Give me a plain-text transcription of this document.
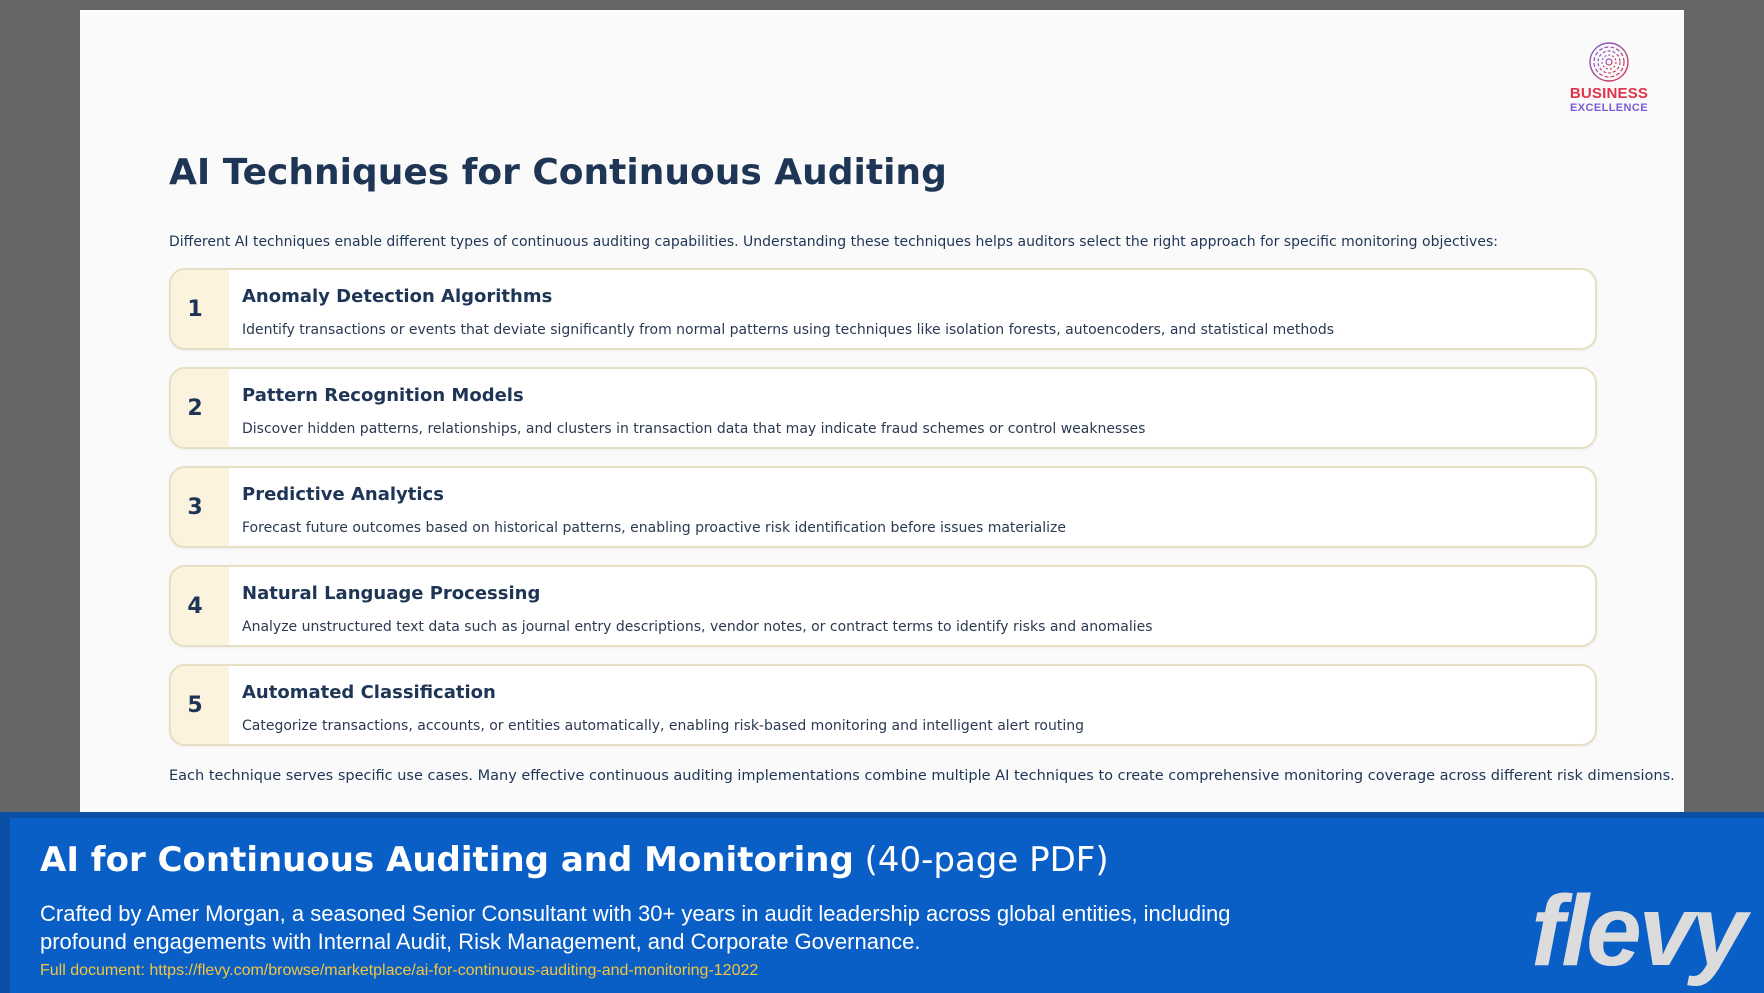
BUSINESS
EXCELLENCE
AI Techniques for Continuous Auditing
Different AI techniques enable different types of continuous auditing capabilities. Understanding these techniques helps auditors select the right approach for specific monitoring objectives:
1	Anomaly Detection Algorithms
Identify transactions or events that deviate significantly from normal patterns using techniques like isolation forests, autoencoders, and statistical methods
2	Pattern Recognition Models
Discover hidden patterns, relationships, and clusters in transaction data that may indicate fraud schemes or control weaknesses
3	Predictive Analytics
Forecast future outcomes based on historical patterns, enabling proactive risk identification before issues materialize
4	Natural Language Processing
Analyze unstructured text data such as journal entry descriptions, vendor notes, or contract terms to identify risks and anomalies
5	Automated Classification
Categorize transactions, accounts, or entities automatically, enabling risk-based monitoring and intelligent alert routing
Each technique serves specific use cases. Many effective continuous auditing implementations combine multiple AI techniques to create comprehensive monitoring coverage across different risk dimensions.
AI for Continuous Auditing and Monitoring (40-page PDF)
Crafted by Amer Morgan, a seasoned Senior Consultant with 30+ years in audit leadership across global entities, including profound engagements with Internal Audit, Risk Management, and Corporate Governance.
Full document: https://flevy.com/browse/marketplace/ai-for-continuous-auditing-and-monitoring-12022	flevy
